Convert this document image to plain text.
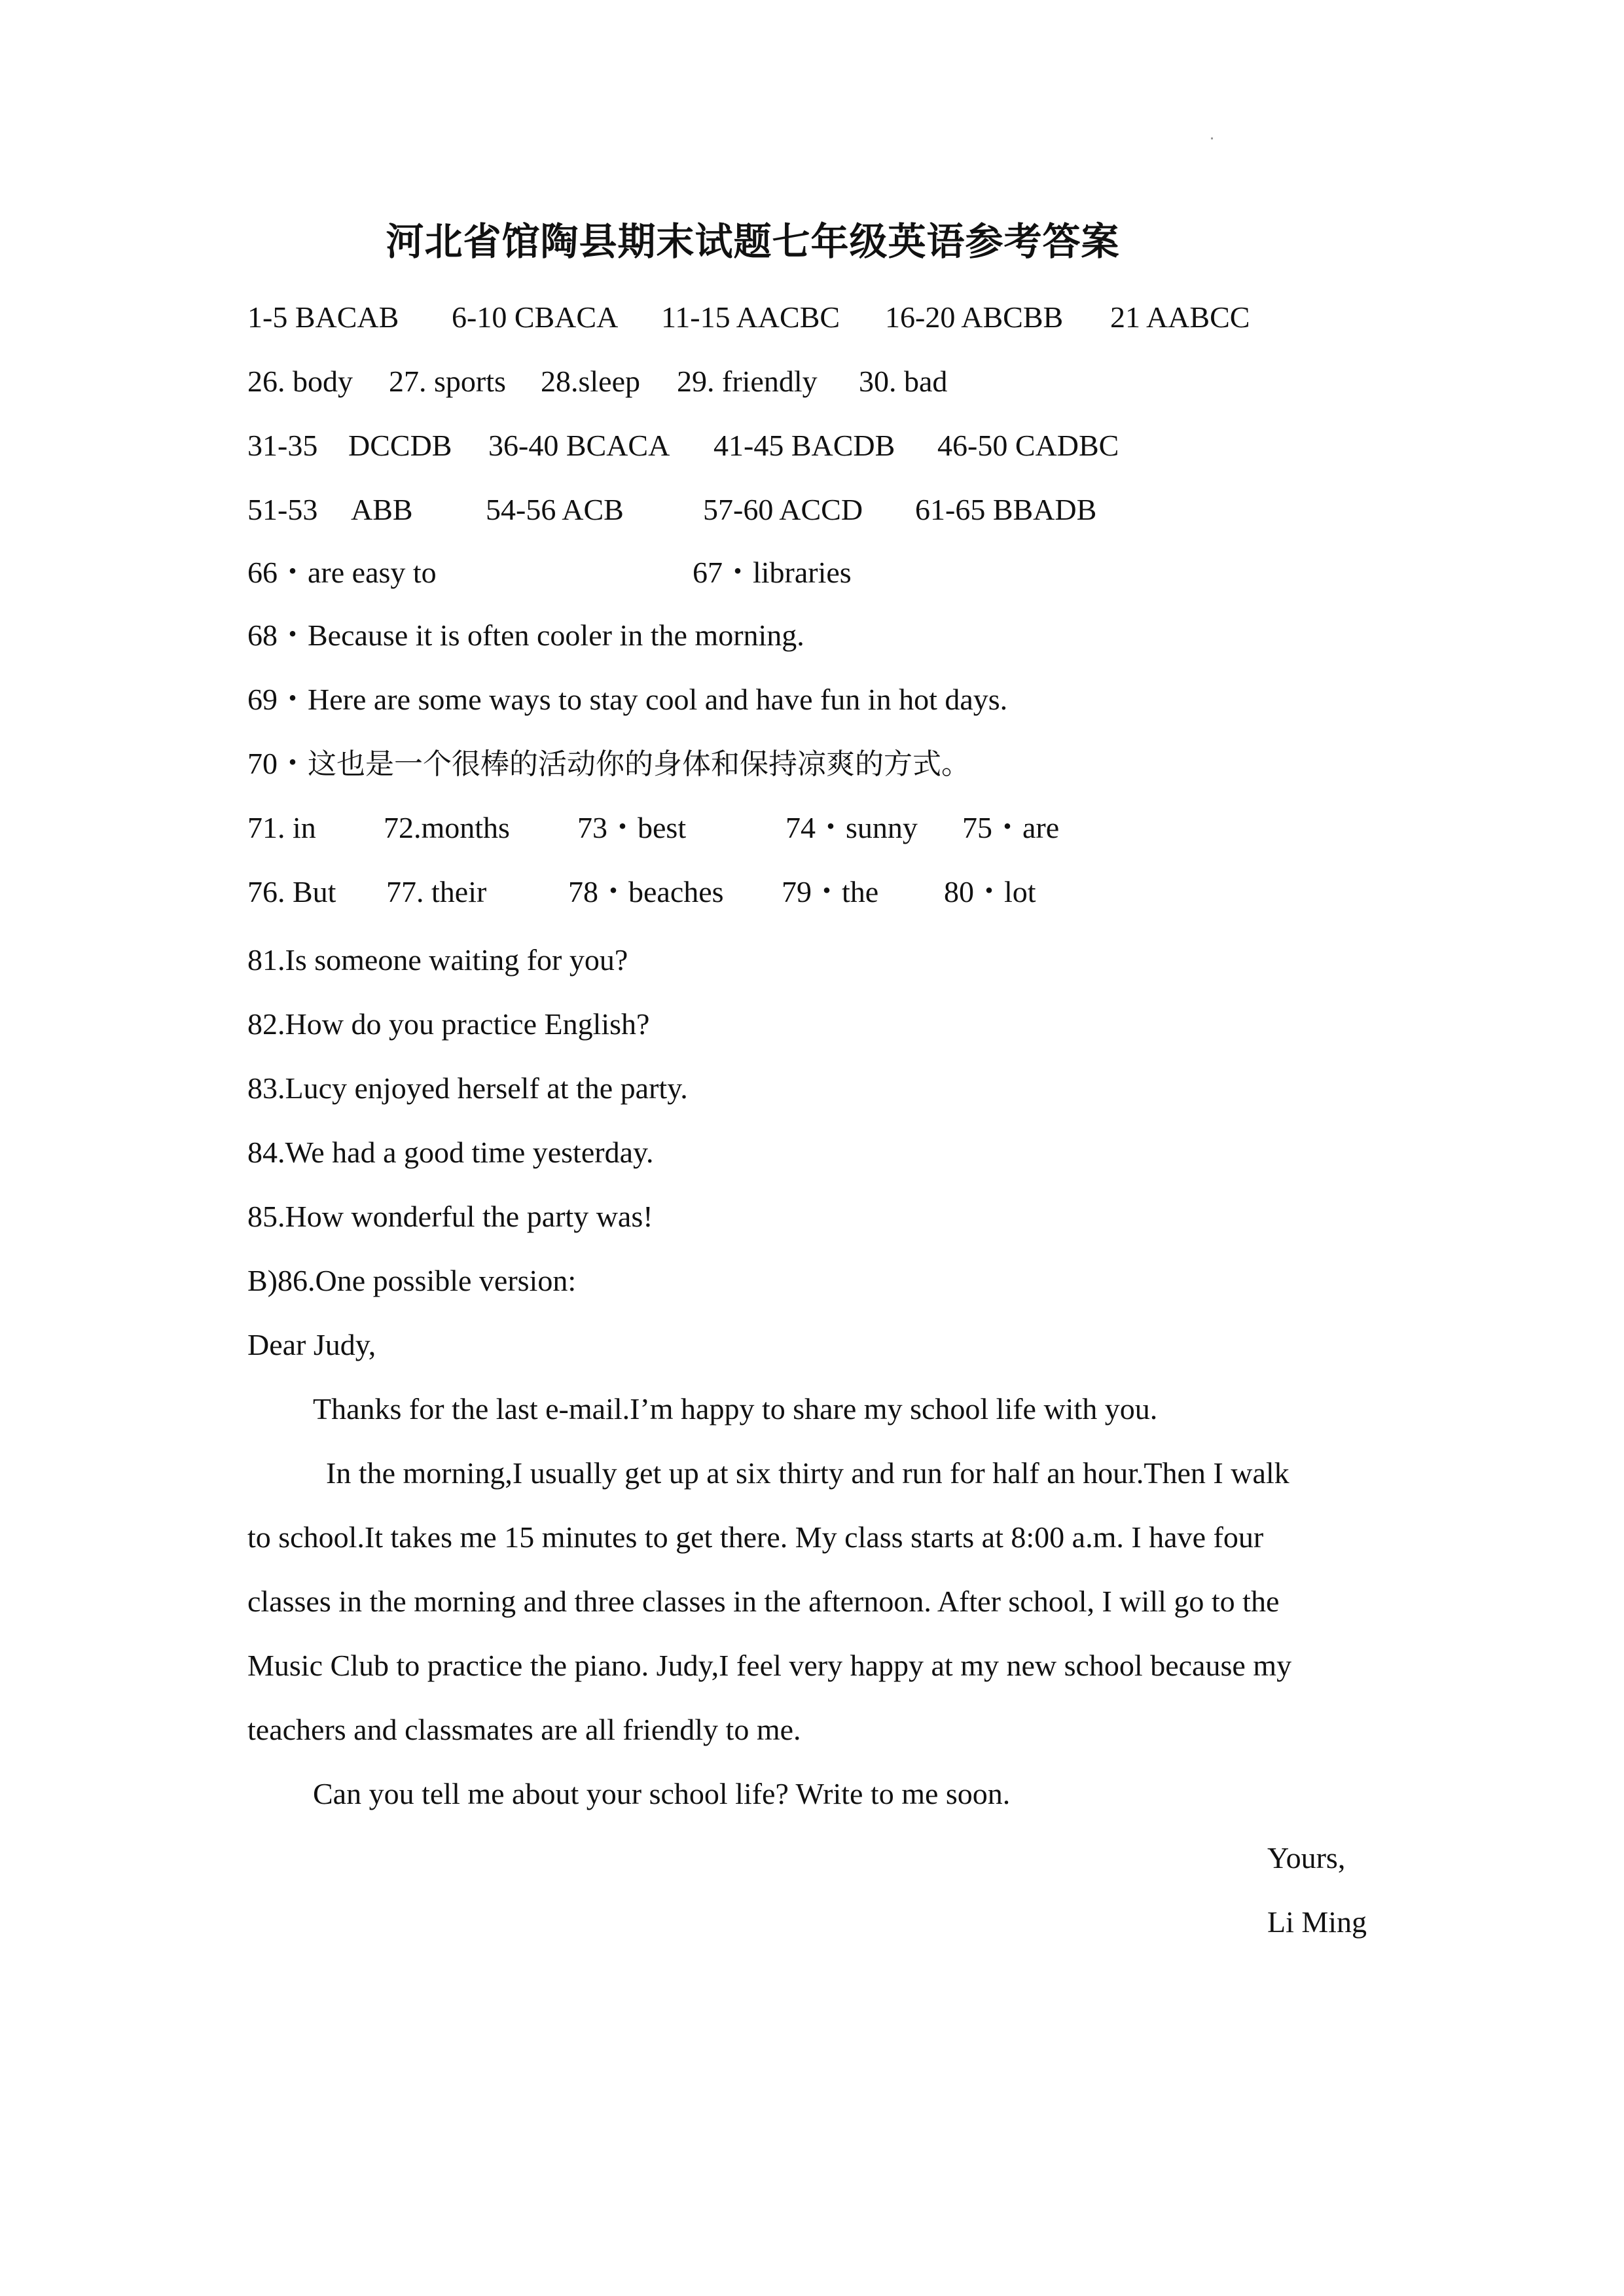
河北省馆陶县期末试题七年级英语参考答案
1-5 BACAB 6-10 CBACA 11-15 AACBC 16-20 ABCBB 21 AABCC
26. body 27. sports 28.sleep 29. friendly 30. bad
31-35 DCCDB 36-40 BCACA 41-45 BACDB 46-50 CADBC
51-53 ABB 54-56 ACB	57-60 ACCD 61-65 BBADB
66・are easy to	67・libraries
68・Because it is often cooler in the morning.
69・Here are some ways to stay cool and have fun in hot days.
70・这也是一个很棒的活动你的身体和保持凉爽的方式。
71. in 72.months 73・best	74・sunny 75・are
76. But 77. their	78・beaches 79・the 80・lot
81.Is someone waiting for you?
82.How do you practice English?
83.Lucy enjoyed herself at the party.
84.We had a good time yesterday.
85.How wonderful the party was!
B)86.One possible version:
Dear Judy,
Thanks for the last e-mail.I’m happy to share my school life with you.
In the morning,I usually get up at six thirty and run for half an hour.Then I walk
to school.It takes me 15 minutes to get there. My class starts at 8:00 a.m. I have four
classes in the morning and three classes in the afternoon. After school, I will go to the
Music Club to practice the piano. Judy,I feel very happy at my new school because my
teachers and classmates are all friendly to me.
Can you tell me about your school life? Write to me soon.
Yours,
Li Ming
